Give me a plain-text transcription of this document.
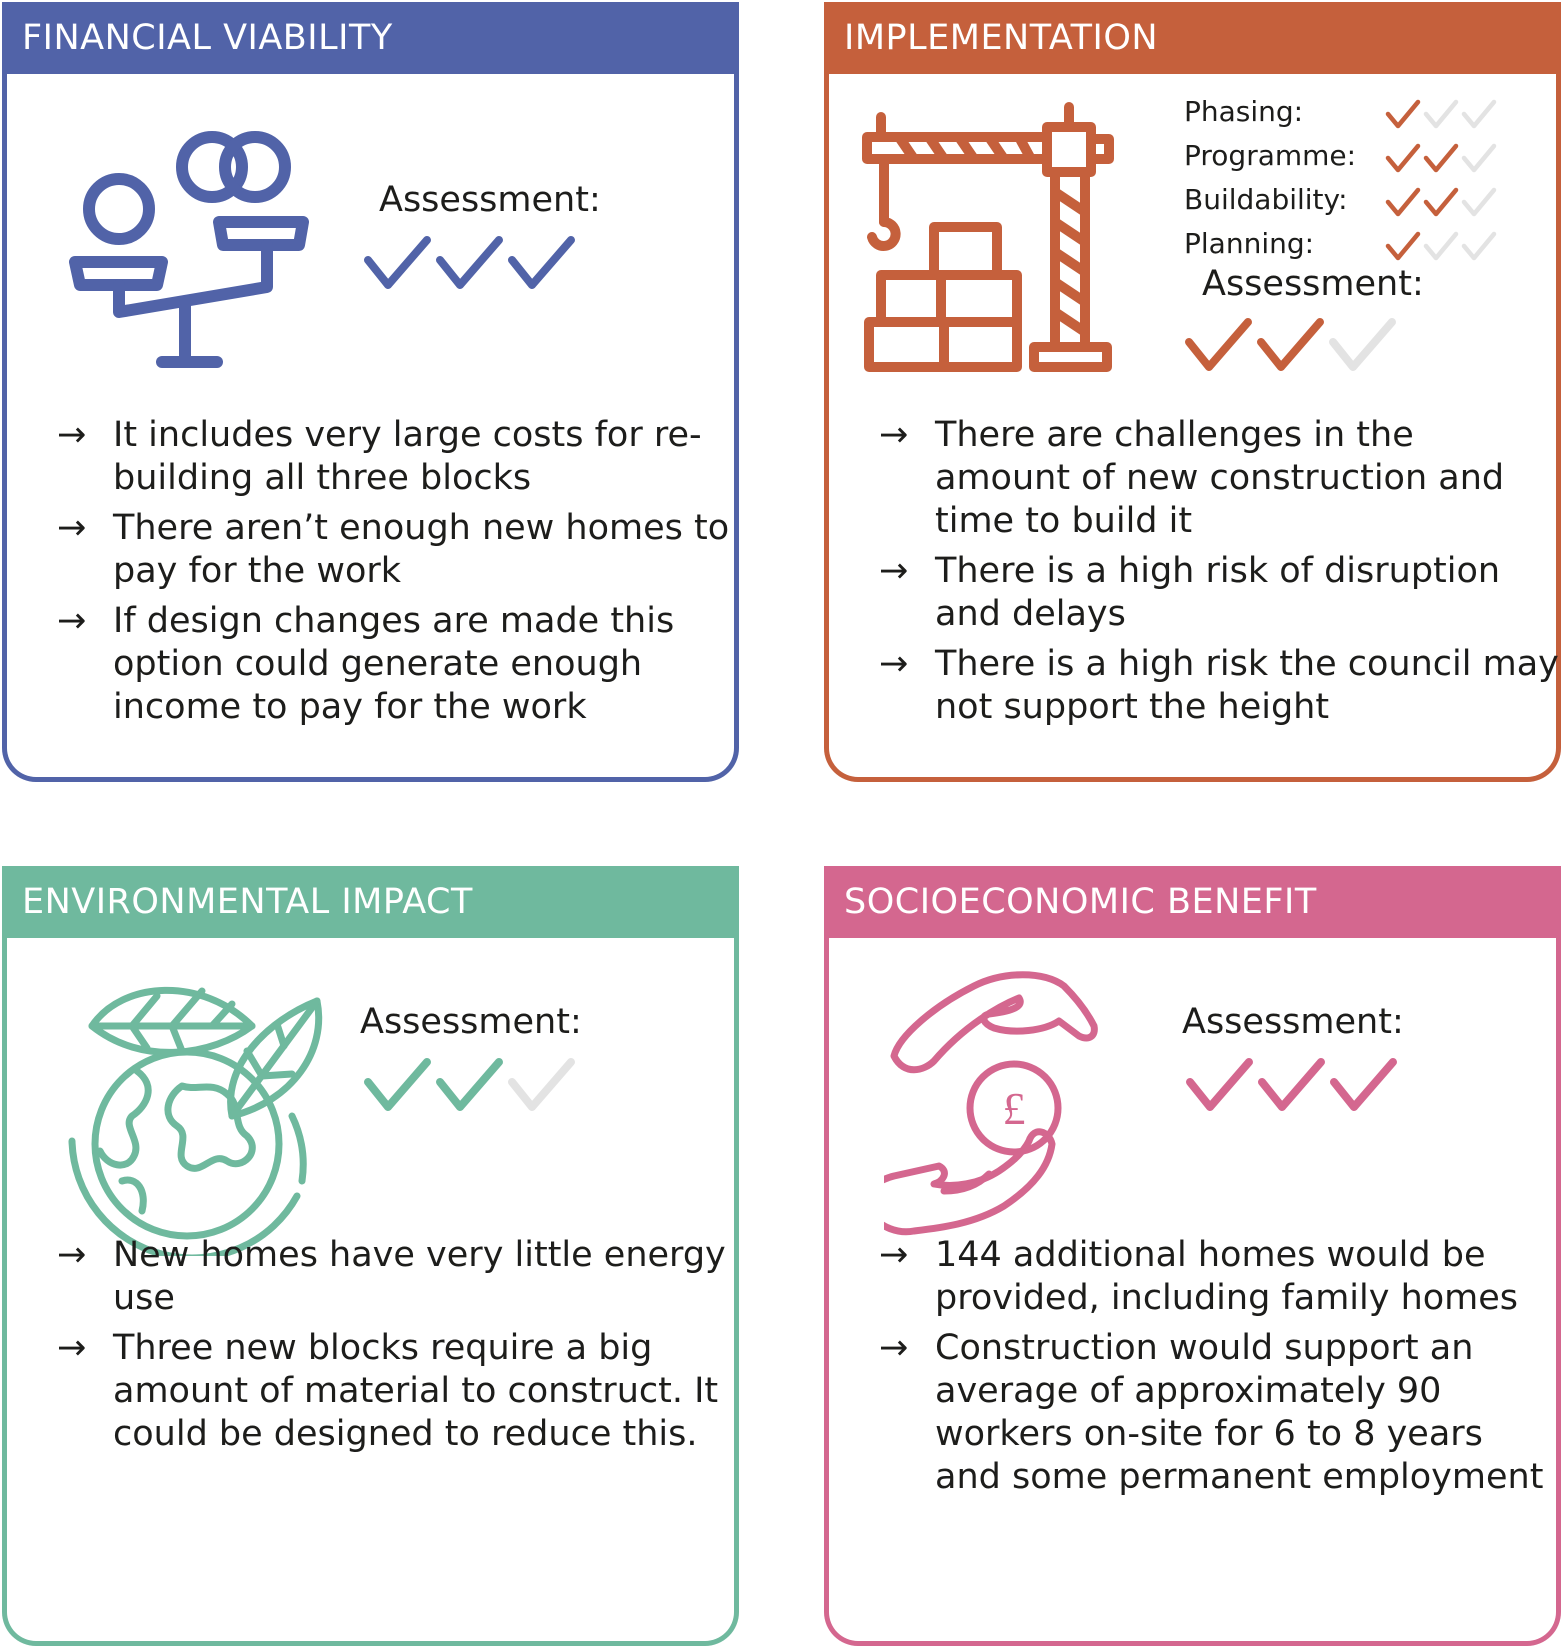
FINANCIAL VIABILITY
Assessment:
→ It includes very large costs for re-building all three blocks
→ There aren’t enough new homes to pay for the work
→ If design changes are made this option could generate enough income to pay for the work
IMPLEMENTATION
Phasing:
Programme:
Buildability:
Planning:
Assessment:
→ There are challenges in the amount of new construction and time to build it
→ There is a high risk of disruption and delays
→ There is a high risk the council may not support the height
ENVIRONMENTAL IMPACT
Assessment:
→ New homes have very little energy use
→ Three new blocks require a big amount of material to construct. It could be designed to reduce this.
SOCIOECONOMIC BENEFIT
£
Assessment:
→ 144 additional homes would be provided, including family homes
→ Construction would support an average of approximately 90 workers on-site for 6 to 8 years and some permanent employment
